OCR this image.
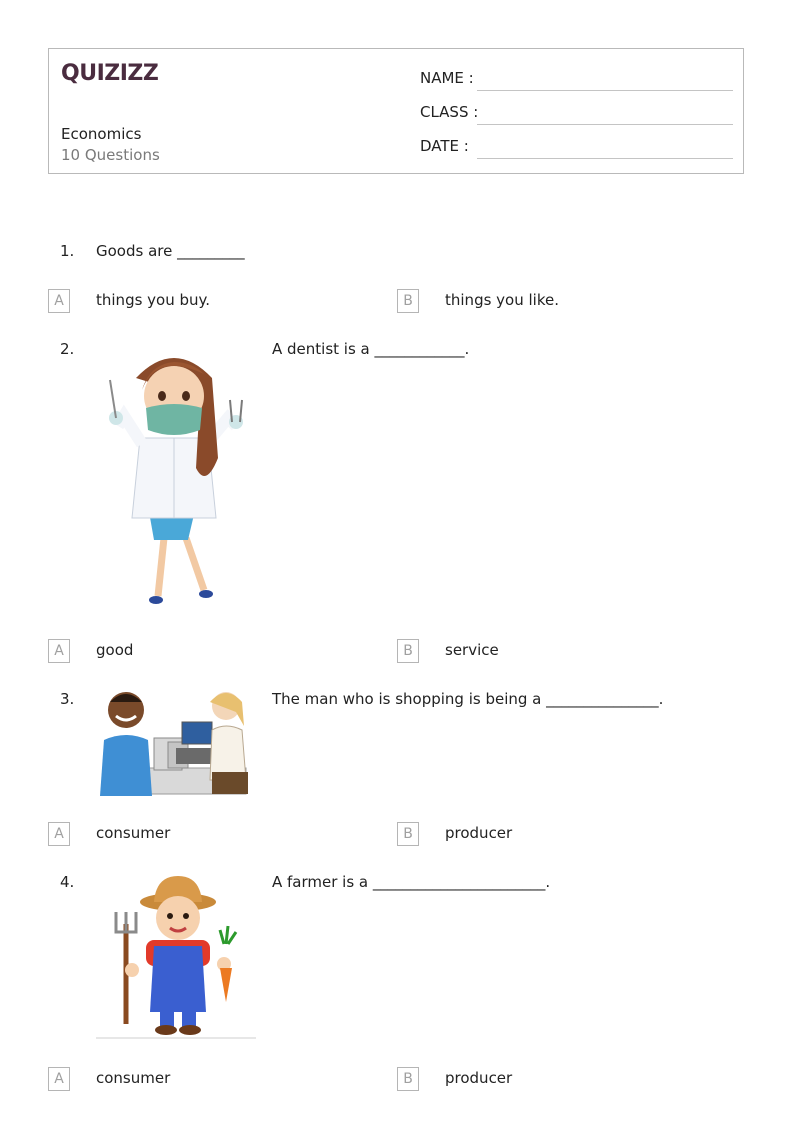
QUIZIZZ
Economics
10 Questions
NAME :
CLASS :
DATE :
1. Goods are _________
A	things you buy.	B	things you like.
2.	A dentist is a ____________.
A	good	B	service
3.	The man who is shopping is being a _______________.
A	consumer	B	producer
4.	A farmer is a _______________________.
A	consumer	B	producer
